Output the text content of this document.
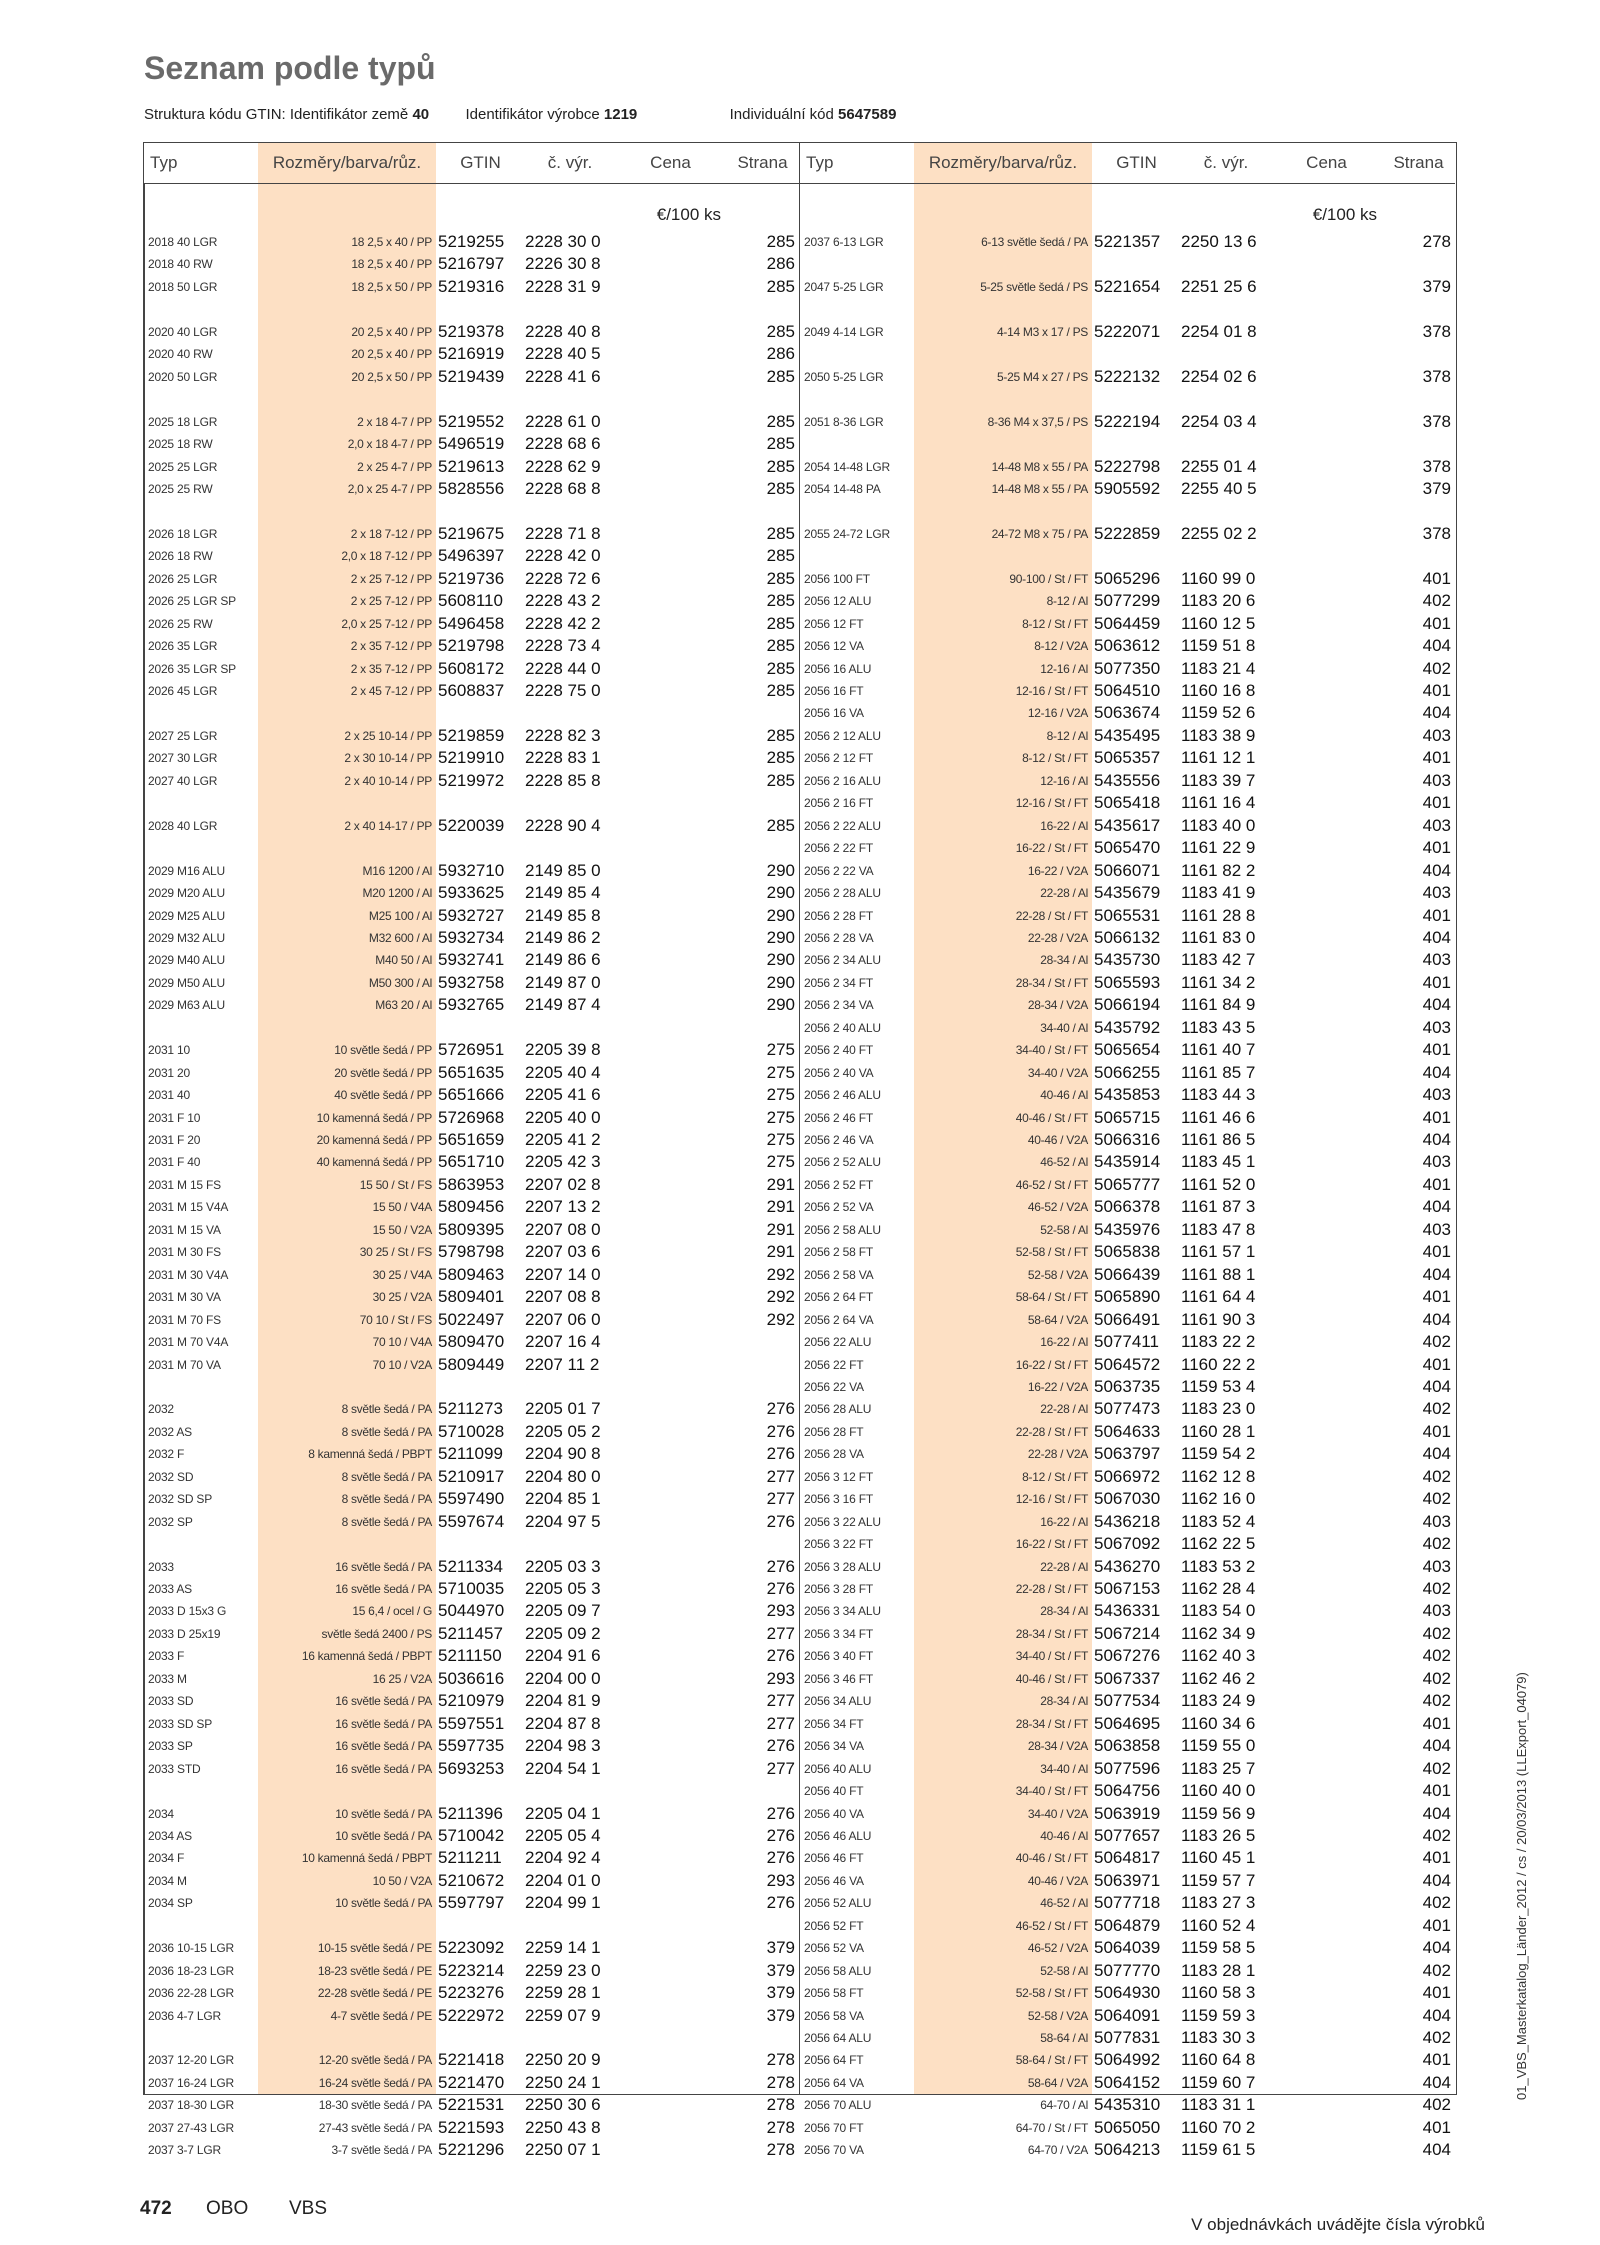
Seznam podle typů
Struktura kódu GTIN: Identifikátor země 40 Identifikátor výrobce 1219	Individuální kód 5647589
Typ	Rozměry/barva/růz.	GTIN	č. výr.	Cena	Strana
€/100 ks
2018 40 LGR	18 2,5 x 40 / PP 5219255	2228 30 0	285
2018 40 RW	18 2,5 x 40 / PP 5216797	2226 30 8	286
2018 50 LGR	18 2,5 x 50 / PP 5219316	2228 31 9	285
2020 40 LGR	20 2,5 x 40 / PP 5219378	2228 40 8	285
2020 40 RW	20 2,5 x 40 / PP 5216919	2228 40 5	286
2020 50 LGR	20 2,5 x 50 / PP 5219439	2228 41 6	285
2025 18 LGR	2 x 18 4-7 / PP 5219552	2228 61 0	285
2025 18 RW	2,0 x 18 4-7 / PP 5496519	2228 68 6	285
2025 25 LGR	2 x 25 4-7 / PP 5219613	2228 62 9	285
2025 25 RW	2,0 x 25 4-7 / PP 5828556	2228 68 8	285
2026 18 LGR	2 x 18 7-12 / PP 5219675	2228 71 8	285
2026 18 RW	2,0 x 18 7-12 / PP 5496397	2228 42 0	285
2026 25 LGR	2 x 25 7-12 / PP 5219736	2228 72 6	285
2026 25 LGR SP	2 x 25 7-12 / PP 5608110	2228 43 2	285
2026 25 RW	2,0 x 25 7-12 / PP 5496458	2228 42 2	285
2026 35 LGR	2 x 35 7-12 / PP 5219798	2228 73 4	285
2026 35 LGR SP	2 x 35 7-12 / PP 5608172	2228 44 0	285
2026 45 LGR	2 x 45 7-12 / PP 5608837	2228 75 0	285
2027 25 LGR	2 x 25 10-14 / PP 5219859	2228 82 3	285
2027 30 LGR	2 x 30 10-14 / PP 5219910	2228 83 1	285
2027 40 LGR	2 x 40 10-14 / PP 5219972	2228 85 8	285
2028 40 LGR	2 x 40 14-17 / PP 5220039	2228 90 4	285
2029 M16 ALU	M16 1200 / Al 5932710	2149 85 0	290
2029 M20 ALU	M20 1200 / Al 5933625	2149 85 4	290
2029 M25 ALU	M25 100 / Al 5932727	2149 85 8	290
2029 M32 ALU	M32 600 / Al 5932734	2149 86 2	290
2029 M40 ALU	M40 50 / Al 5932741	2149 86 6	290
2029 M50 ALU	M50 300 / Al 5932758	2149 87 0	290
2029 M63 ALU	M63 20 / Al 5932765	2149 87 4	290
2031 10	10 světle šedá / PP 5726951	2205 39 8	275
2031 20	20 světle šedá / PP 5651635	2205 40 4	275
2031 40	40 světle šedá / PP 5651666	2205 41 6	275
2031 F 10	10 kamenná šedá / PP 5726968	2205 40 0	275
2031 F 20	20 kamenná šedá / PP 5651659	2205 41 2	275
2031 F 40	40 kamenná šedá / PP 5651710	2205 42 3	275
2031 M 15 FS	15 50 / St / FS 5863953	2207 02 8	291
2031 M 15 V4A	15 50 / V4A 5809456	2207 13 2	291
2031 M 15 VA	15 50 / V2A 5809395	2207 08 0	291
2031 M 30 FS	30 25 / St / FS 5798798	2207 03 6	291
2031 M 30 V4A	30 25 / V4A 5809463	2207 14 0	292
2031 M 30 VA	30 25 / V2A 5809401	2207 08 8	292
2031 M 70 FS	70 10 / St / FS 5022497	2207 06 0	292
2031 M 70 V4A	70 10 / V4A 5809470	2207 16 4
2031 M 70 VA	70 10 / V2A 5809449	2207 11 2
2032	8 světle šedá / PA 5211273	2205 01 7	276
2032 AS	8 světle šedá / PA 5710028	2205 05 2	276
2032 F	8 kamenná šedá / PBPT 5211099	2204 90 8	276
2032 SD	8 světle šedá / PA 5210917	2204 80 0	277
2032 SD SP	8 světle šedá / PA 5597490	2204 85 1	277
2032 SP	8 světle šedá / PA 5597674	2204 97 5	276
2033	16 světle šedá / PA 5211334	2205 03 3	276
2033 AS	16 světle šedá / PA 5710035	2205 05 3	276
2033 D 15x3 G	15 6,4 / ocel / G 5044970	2205 09 7	293
2033 D 25x19	světle šedá 2400 / PS 5211457	2205 09 2	277
2033 F	16 kamenná šedá / PBPT 5211150	2204 91 6	276
2033 M	16 25 / V2A 5036616	2204 00 0	293
2033 SD	16 světle šedá / PA 5210979	2204 81 9	277
2033 SD SP	16 světle šedá / PA 5597551	2204 87 8	277
2033 SP	16 světle šedá / PA 5597735	2204 98 3	276
2033 STD	16 světle šedá / PA 5693253	2204 54 1	277
2034	10 světle šedá / PA 5211396	2205 04 1	276
2034 AS	10 světle šedá / PA 5710042	2205 05 4	276
2034 F	10 kamenná šedá / PBPT 5211211	2204 92 4	276
2034 M	10 50 / V2A 5210672	2204 01 0	293
2034 SP	10 světle šedá / PA 5597797	2204 99 1	276
2036 10-15 LGR	10-15 světle šedá / PE 5223092	2259 14 1	379
2036 18-23 LGR	18-23 světle šedá / PE 5223214	2259 23 0	379
2036 22-28 LGR	22-28 světle šedá / PE 5223276	2259 28 1	379
2036 4-7 LGR	4-7 světle šedá / PE 5222972	2259 07 9	379
2037 12-20 LGR	12-20 světle šedá / PA 5221418	2250 20 9	278
2037 16-24 LGR	16-24 světle šedá / PA 5221470	2250 24 1	278
2037 18-30 LGR	18-30 světle šedá / PA 5221531	2250 30 6	278
2037 27-43 LGR	27-43 světle šedá / PA 5221593	2250 43 8	278
2037 3-7 LGR	3-7 světle šedá / PA 5221296	2250 07 1	278
Typ	Rozměry/barva/růz.	GTIN	č. výr.	Cena	Strana
€/100 ks
2037 6-13 LGR	6-13 světle šedá / PA 5221357	2250 13 6	278
2047 5-25 LGR	5-25 světle šedá / PS 5221654	2251 25 6	379
2049 4-14 LGR	4-14 M3 x 17 / PS 5222071	2254 01 8	378
2050 5-25 LGR	5-25 M4 x 27 / PS 5222132	2254 02 6	378
2051 8-36 LGR	8-36 M4 x 37,5 / PS 5222194	2254 03 4	378
2054 14-48 LGR	14-48 M8 x 55 / PA 5222798	2255 01 4	378
2054 14-48 PA	14-48 M8 x 55 / PA 5905592	2255 40 5	379
2055 24-72 LGR	24-72 M8 x 75 / PA 5222859	2255 02 2	378
2056 100 FT	90-100 / St / FT 5065296	1160 99 0	401
2056 12 ALU	8-12 / Al 5077299	1183 20 6	402
2056 12 FT	8-12 / St / FT 5064459	1160 12 5	401
2056 12 VA	8-12 / V2A 5063612	1159 51 8	404
2056 16 ALU	12-16 / Al 5077350	1183 21 4	402
2056 16 FT	12-16 / St / FT 5064510	1160 16 8	401
2056 16 VA	12-16 / V2A 5063674	1159 52 6	404
2056 2 12 ALU	8-12 / Al 5435495	1183 38 9	403
2056 2 12 FT	8-12 / St / FT 5065357	1161 12 1	401
2056 2 16 ALU	12-16 / Al 5435556	1183 39 7	403
2056 2 16 FT	12-16 / St / FT 5065418	1161 16 4	401
2056 2 22 ALU	16-22 / Al 5435617	1183 40 0	403
2056 2 22 FT	16-22 / St / FT 5065470	1161 22 9	401
2056 2 22 VA	16-22 / V2A 5066071	1161 82 2	404
2056 2 28 ALU	22-28 / Al 5435679	1183 41 9	403
2056 2 28 FT	22-28 / St / FT 5065531	1161 28 8	401
2056 2 28 VA	22-28 / V2A 5066132	1161 83 0	404
2056 2 34 ALU	28-34 / Al 5435730	1183 42 7	403
2056 2 34 FT	28-34 / St / FT 5065593	1161 34 2	401
2056 2 34 VA	28-34 / V2A 5066194	1161 84 9	404
2056 2 40 ALU	34-40 / Al 5435792	1183 43 5	403
2056 2 40 FT	34-40 / St / FT 5065654	1161 40 7	401
2056 2 40 VA	34-40 / V2A 5066255	1161 85 7	404
2056 2 46 ALU	40-46 / Al 5435853	1183 44 3	403
2056 2 46 FT	40-46 / St / FT 5065715	1161 46 6	401
2056 2 46 VA	40-46 / V2A 5066316	1161 86 5	404
2056 2 52 ALU	46-52 / Al 5435914	1183 45 1	403
2056 2 52 FT	46-52 / St / FT 5065777	1161 52 0	401
2056 2 52 VA	46-52 / V2A 5066378	1161 87 3	404
2056 2 58 ALU	52-58 / Al 5435976	1183 47 8	403
2056 2 58 FT	52-58 / St / FT 5065838	1161 57 1	401
2056 2 58 VA	52-58 / V2A 5066439	1161 88 1	404
2056 2 64 FT	58-64 / St / FT 5065890	1161 64 4	401
2056 2 64 VA	58-64 / V2A 5066491	1161 90 3	404
2056 22 ALU	16-22 / Al 5077411	1183 22 2	402
2056 22 FT	16-22 / St / FT 5064572	1160 22 2	401
2056 22 VA	16-22 / V2A 5063735	1159 53 4	404
2056 28 ALU	22-28 / Al 5077473	1183 23 0	402
2056 28 FT	22-28 / St / FT 5064633	1160 28 1	401
2056 28 VA	22-28 / V2A 5063797	1159 54 2	404
2056 3 12 FT	8-12 / St / FT 5066972	1162 12 8	402
2056 3 16 FT	12-16 / St / FT 5067030	1162 16 0	402
2056 3 22 ALU	16-22 / Al 5436218	1183 52 4	403
2056 3 22 FT	16-22 / St / FT 5067092	1162 22 5	402
2056 3 28 ALU	22-28 / Al 5436270	1183 53 2	403
2056 3 28 FT	22-28 / St / FT 5067153	1162 28 4	402
2056 3 34 ALU	28-34 / Al 5436331	1183 54 0	403
2056 3 34 FT	28-34 / St / FT 5067214	1162 34 9	402
2056 3 40 FT	34-40 / St / FT 5067276	1162 40 3	402
2056 3 46 FT	40-46 / St / FT 5067337	1162 46 2	402
2056 34 ALU	28-34 / Al 5077534	1183 24 9	402
2056 34 FT	28-34 / St / FT 5064695	1160 34 6	401
2056 34 VA	28-34 / V2A 5063858	1159 55 0	404
2056 40 ALU	34-40 / Al 5077596	1183 25 7	402
2056 40 FT	34-40 / St / FT 5064756	1160 40 0	401
2056 40 VA	34-40 / V2A 5063919	1159 56 9	404
2056 46 ALU	40-46 / Al 5077657	1183 26 5	402
2056 46 FT	40-46 / St / FT 5064817	1160 45 1	401
2056 46 VA	40-46 / V2A 5063971	1159 57 7	404
2056 52 ALU	46-52 / Al 5077718	1183 27 3	402
2056 52 FT	46-52 / St / FT 5064879	1160 52 4	401
2056 52 VA	46-52 / V2A 5064039	1159 58 5	404
2056 58 ALU	52-58 / Al 5077770	1183 28 1	402
2056 58 FT	52-58 / St / FT 5064930	1160 58 3	401
2056 58 VA	52-58 / V2A 5064091	1159 59 3	404
2056 64 ALU	58-64 / Al 5077831	1183 30 3	402
2056 64 FT	58-64 / St / FT 5064992	1160 64 8	401
2056 64 VA	58-64 / V2A 5064152	1159 60 7	404
2056 70 ALU	64-70 / Al 5435310	1183 31 1	402
2056 70 FT	64-70 / St / FT 5065050	1160 70 2	401
2056 70 VA	64-70 / V2A 5064213	1159 61 5	404
01_VBS_Masterkatalog_Länder_2012 / cs / 20/03/2013 (LLExport_04079)
472 OBO VBS
V objednávkách uvádějte čísla výrobků
